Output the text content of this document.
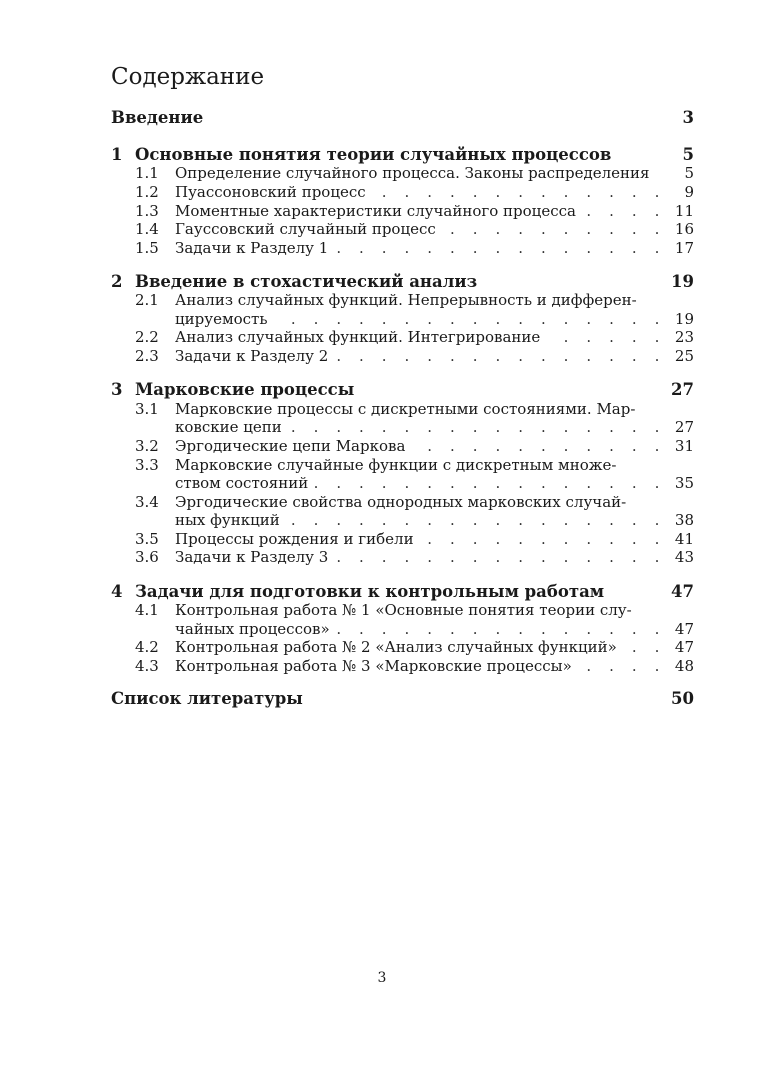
Содержание
Введение	3
1 Основные понятия теории случайных процессов	5
1.1	Определение случайного процесса. Законы распределения	5
1.2	Пуассоновский процесс . . .	9
1.3	Моментные характеристики случайного процесса . . .	11
1.4	Гауссовский случайный процесс . . .	16
1.5	Задачи к Разделу 1 . . .	17
2 Введение в стохастический анализ	19
2.1	Анализ случайных функций. Непрерывность и дифферен-
цируемость . . .	19
2.2	Анализ случайных функций. Интегрирование . . .	23
2.3	Задачи к Разделу 2 . . .	25
3 Марковские процессы	27
3.1	Марковские процессы с дискретными состояниями. Мар-
ковские цепи . . .	27
3.2	Эргодические цепи Маркова . . .	31
3.3	Марковские случайные функции с дискретным множе-
ством состояний . . .	35
3.4	Эргодические свойства однородных марковских случай-
ных функций . . .	38
3.5	Процессы рождения и гибели . . .	41
3.6	Задачи к Разделу 3 . . .	43
4 Задачи для подготовки к контрольным работам	47
4.1	Контрольная работа № 1 «Основные понятия теории слу-
чайных процессов» . . .	47
4.2	Контрольная работа № 2 «Анализ случайных функций» . . .	47
4.3	Контрольная работа № 3 «Марковские процессы» . . .	48
Список литературы	50
3
